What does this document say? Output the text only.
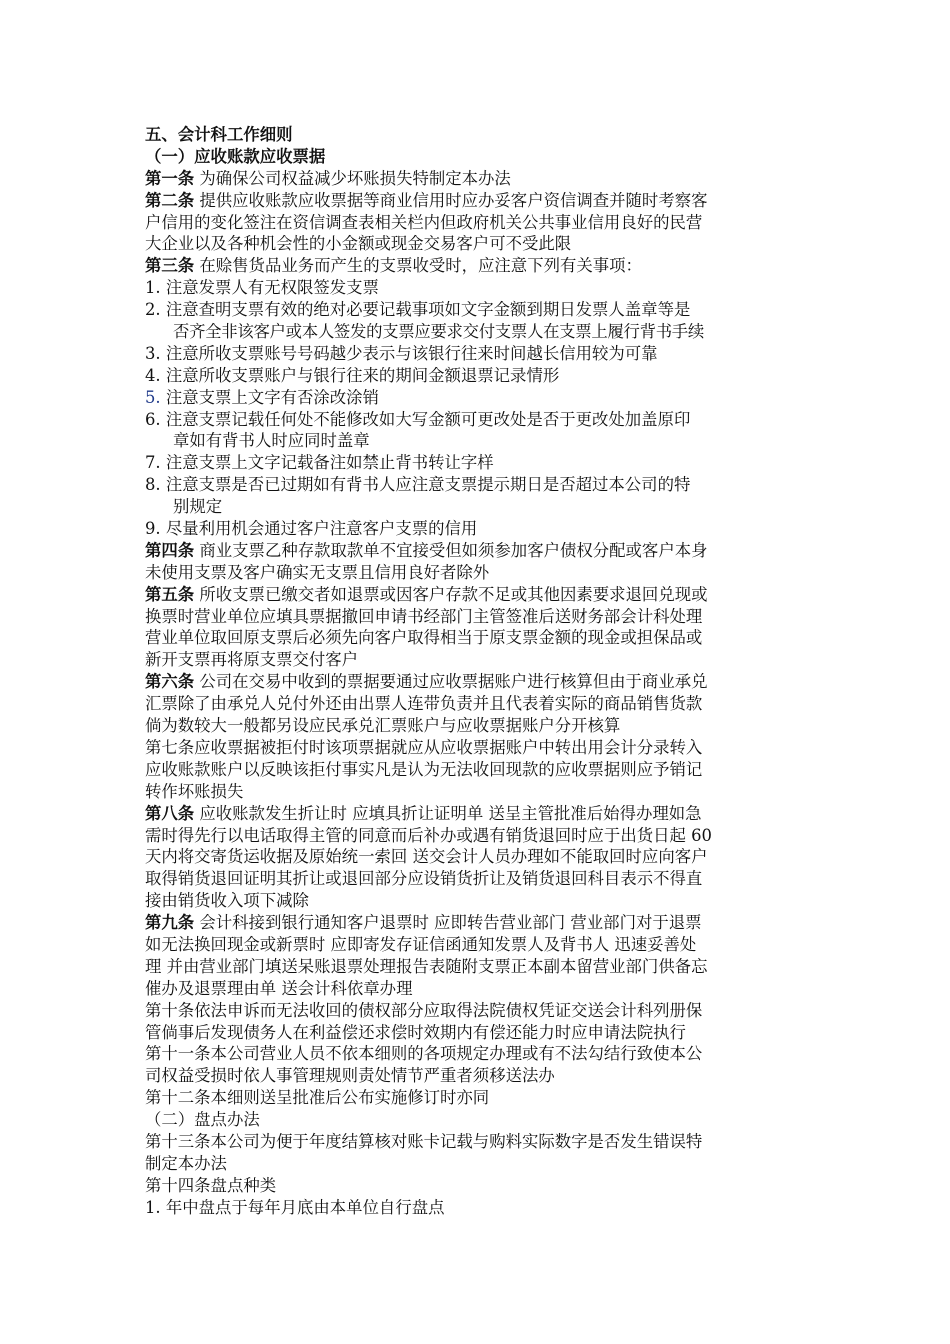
五、会计科工作细则

（一）应收账款应收票据

第一条 为确保公司权益减少坏账损失特制定本办法

第二条 提供应收账款应收票据等商业信用时应办妥客户资信调查并随时考察客

户信用的变化签注在资信调查表相关栏内但政府机关公共事业信用良好的民营

大企业以及各种机会性的小金额或现金交易客户可不受此限

第三条 在赊售货品业务而产生的支票收受时，应注意下列有关事项：

1. 注意发票人有无权限签发支票

2. 注意查明支票有效的绝对必要记载事项如文字金额到期日发票人盖章等是

否齐全非该客户或本人签发的支票应要求交付支票人在支票上履行背书手续

3. 注意所收支票账号号码越少表示与该银行往来时间越长信用较为可靠

4. 注意所收支票账户与银行往来的期间金额退票记录情形

5. 注意支票上文字有否涂改涂销

6. 注意支票记载任何处不能修改如大写金额可更改处是否于更改处加盖原印

章如有背书人时应同时盖章

7. 注意支票上文字记载备注如禁止背书转让字样

8. 注意支票是否已过期如有背书人应注意支票提示期日是否超过本公司的特

别规定

9. 尽量利用机会通过客户注意客户支票的信用

第四条 商业支票乙种存款取款单不宜接受但如须参加客户债权分配或客户本身

未使用支票及客户确实无支票且信用良好者除外

第五条 所收支票已缴交者如退票或因客户存款不足或其他因素要求退回兑现或

换票时营业单位应填具票据撤回申请书经部门主管签准后送财务部会计科处理

营业单位取回原支票后必须先向客户取得相当于原支票金额的现金或担保品或

新开支票再将原支票交付客户

第六条 公司在交易中收到的票据要通过应收票据账户进行核算但由于商业承兑

汇票除了由承兑人兑付外还由出票人连带负责并且代表着实际的商品销售货款

倘为数较大一般都另设应民承兑汇票账户与应收票据账户分开核算

第七条应收票据被拒付时该项票据就应从应收票据账户中转出用会计分录转入

应收账款账户以反映该拒付事实凡是认为无法收回现款的应收票据则应予销记

转作坏账损失

第八条 应收账款发生折让时 应填具折让证明单 送呈主管批准后始得办理如急

需时得先行以电话取得主管的同意而后补办或遇有销货退回时应于出货日起 60

天内将交寄货运收据及原始统一索回 送交会计人员办理如不能取回时应向客户

取得销货退回证明其折让或退回部分应设销货折让及销货退回科目表示不得直

接由销货收入项下减除

第九条 会计科接到银行通知客户退票时 应即转告营业部门 营业部门对于退票

如无法换回现金或新票时 应即寄发存证信函通知发票人及背书人 迅速妥善处

理 并由营业部门填送呆账退票处理报告表随附支票正本副本留营业部门供备忘

催办及退票理由单 送会计科依章办理

第十条依法申诉而无法收回的债权部分应取得法院债权凭证交送会计科列册保

管倘事后发现债务人在利益偿还求偿时效期内有偿还能力时应申请法院执行

第十一条本公司营业人员不依本细则的各项规定办理或有不法勾结行致使本公

司权益受损时依人事管理规则责处情节严重者须移送法办

第十二条本细则送呈批准后公布实施修订时亦同

（二）盘点办法

第十三条本公司为便于年度结算核对账卡记载与购料实际数字是否发生错误特

制定本办法

第十四条盘点种类

1. 年中盘点于每年月底由本单位自行盘点
